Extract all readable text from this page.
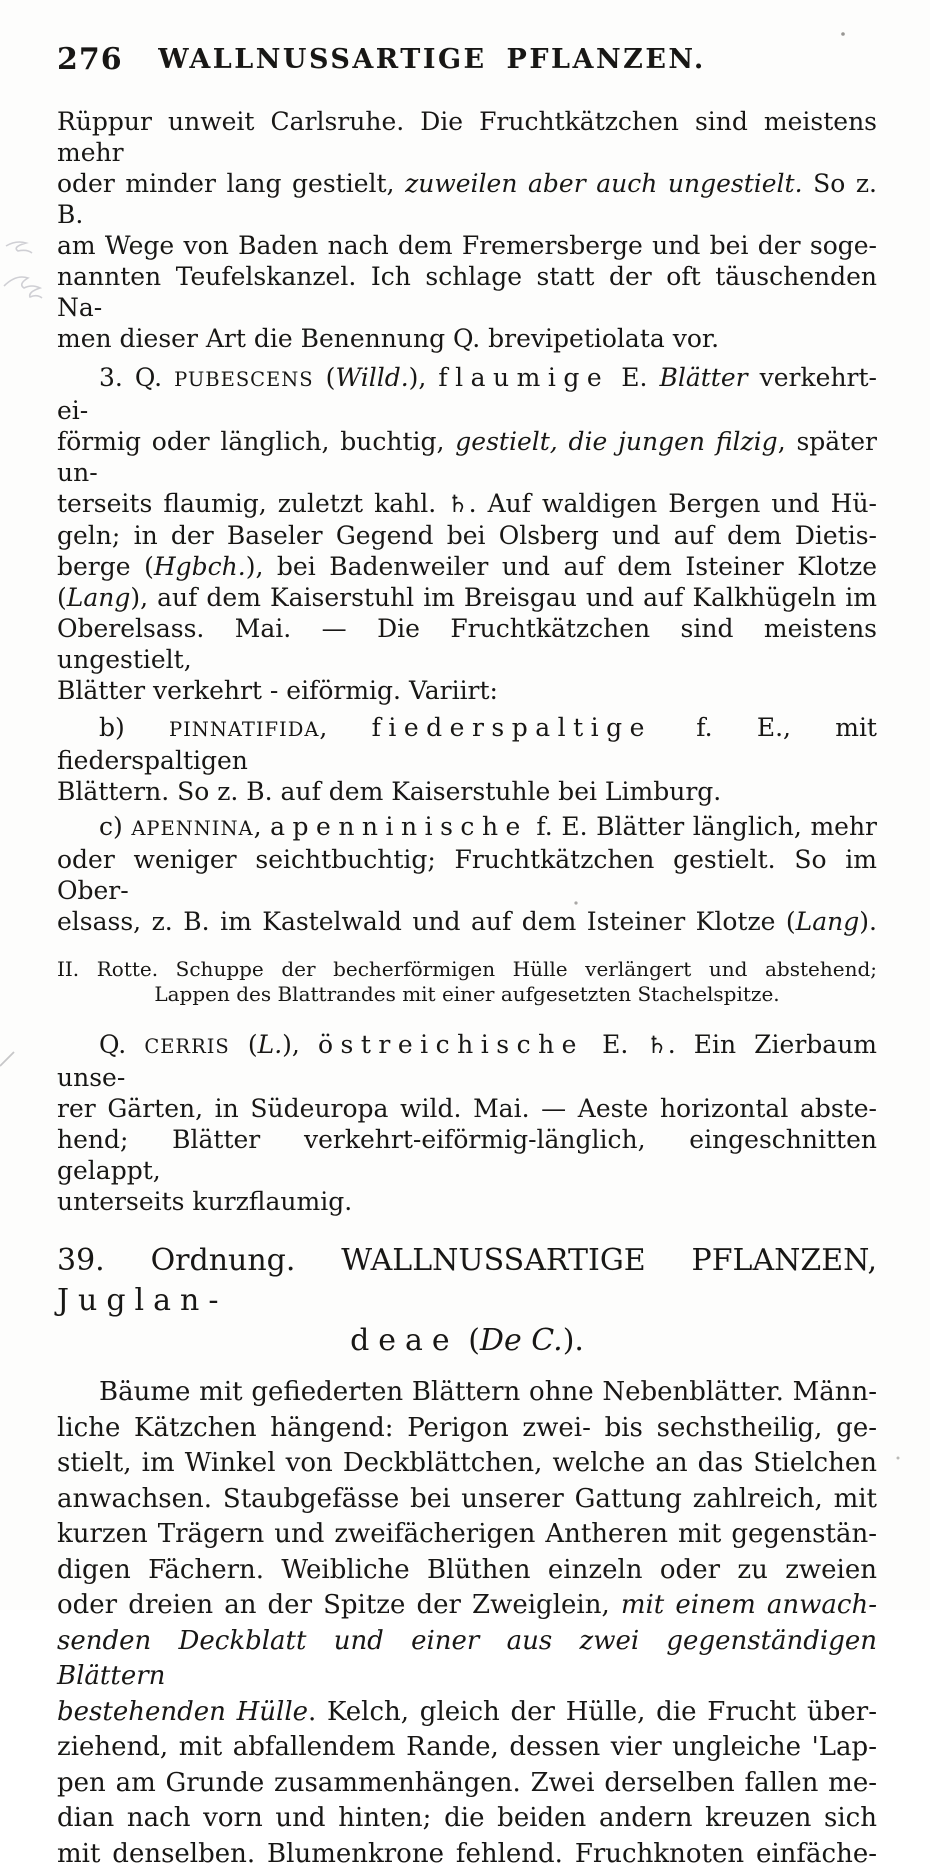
276	WALLNUSSARTIGE PFLANZEN.
Rüppur unweit Carlsruhe. Die Fruchtkätzchen sind meistens mehr
oder minder lang gestielt, zuweilen aber auch ungestielt. So z. B.
am Wege von Baden nach dem Fremersberge und bei der soge-
nannten Teufelskanzel. Ich schlage statt der oft täuschenden Na-
men dieser Art die Benennung Q. brevipetiolata vor.
3. Q. PUBESCENS (Willd.), flaumige E. Blätter verkehrt-ei-
förmig oder länglich, buchtig, gestielt, die jungen filzig, später un-
terseits flaumig, zuletzt kahl. ♄. Auf waldigen Bergen und Hü-
geln; in der Baseler Gegend bei Olsberg und auf dem Dietis-
berge (Hgbch.), bei Badenweiler und auf dem Isteiner Klotze
(Lang), auf dem Kaiserstuhl im Breisgau und auf Kalkhügeln im
Oberelsass. Mai. — Die Fruchtkätzchen sind meistens ungestielt,
Blätter verkehrt - eiförmig. Variirt:
b) PINNATIFIDA, fiederspaltige f. E., mit fiederspaltigen
Blättern. So z. B. auf dem Kaiserstuhle bei Limburg.
c) APENNINA, apenninische f. E. Blätter länglich, mehr
oder weniger seichtbuchtig; Fruchtkätzchen gestielt. So im Ober-
elsass, z. B. im Kastelwald und auf dem Isteiner Klotze (Lang).
II. Rotte. Schuppe der becherförmigen Hülle verlängert und abstehend;
Lappen des Blattrandes mit einer aufgesetzten Stachelspitze.
Q. CERRIS (L.), östreichische E. ♄. Ein Zierbaum unse-
rer Gärten, in Südeuropa wild. Mai. — Aeste horizontal abste-
hend; Blätter verkehrt-eiförmig-länglich, eingeschnitten gelappt,
unterseits kurzflaumig.
39. Ordnung. WALLNUSSARTIGE PFLANZEN, Juglan-
deae (De C.).
Bäume mit gefiederten Blättern ohne Nebenblätter. Männ-
liche Kätzchen hängend: Perigon zwei- bis sechstheilig, ge-
stielt, im Winkel von Deckblättchen, welche an das Stielchen
anwachsen. Staubgefässe bei unserer Gattung zahlreich, mit
kurzen Trägern und zweifächerigen Antheren mit gegenstän-
digen Fächern. Weibliche Blüthen einzeln oder zu zweien
oder dreien an der Spitze der Zweiglein, mit einem anwach-
senden Deckblatt und einer aus zwei gegenständigen Blättern
bestehenden Hülle. Kelch, gleich der Hülle, die Frucht über-
ziehend, mit abfallendem Rande, dessen vier ungleiche 'Lap-
pen am Grunde zusammenhängen. Zwei derselben fallen me-
dian nach vorn und hinten; die beiden andern kreuzen sich
mit denselben. Blumenkrone fehlend. Fruchknoten einfäche-
